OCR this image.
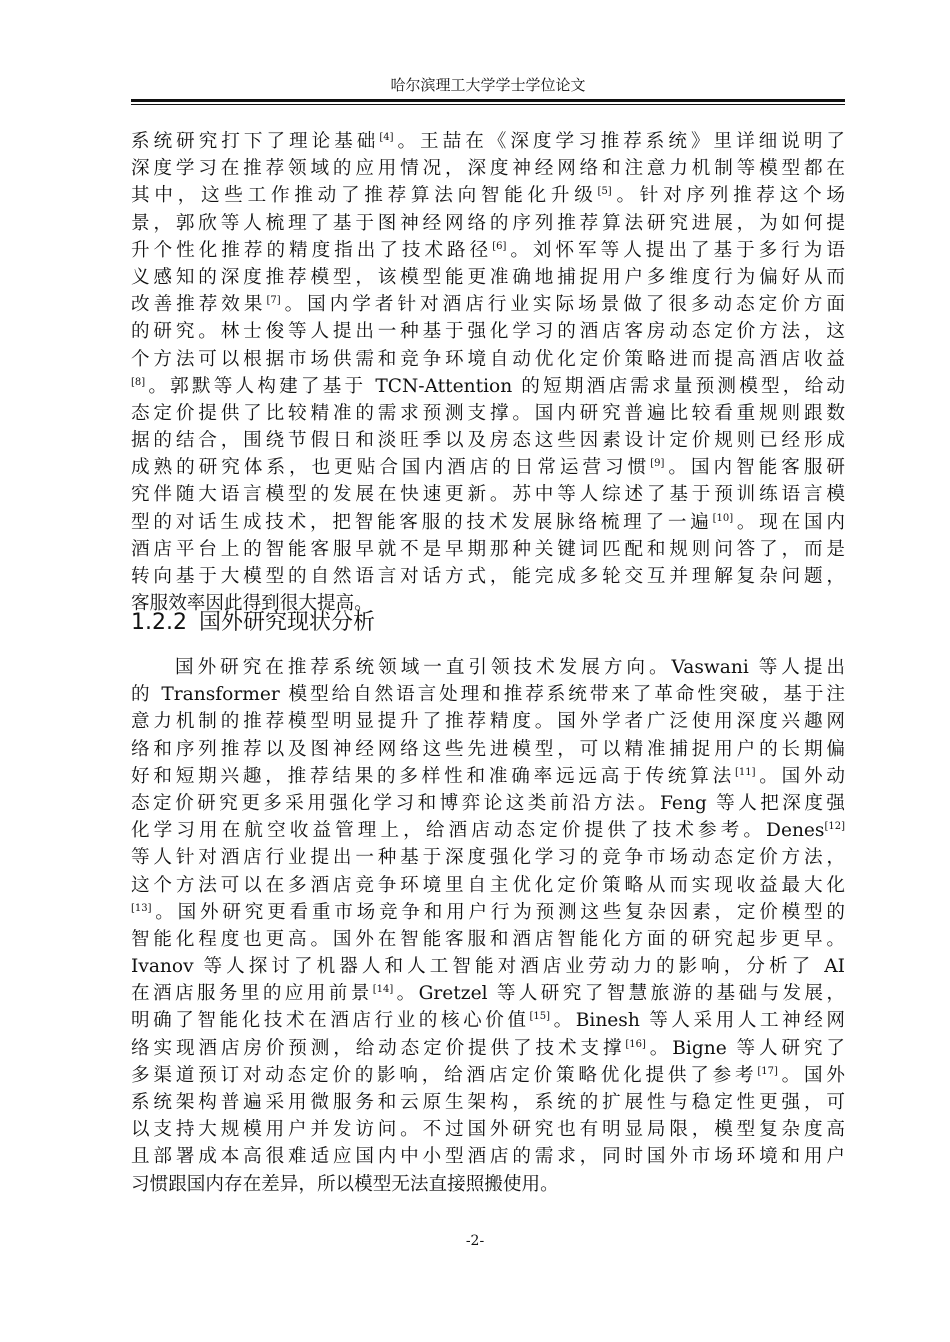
哈尔滨理工大学学士学位论文
系统研究打下了理论基础[4]。王喆在《深度学习推荐系统》里详细说明了
深度学习在推荐领域的应用情况，深度神经网络和注意力机制等模型都在
其中，这些工作推动了推荐算法向智能化升级[5]。针对序列推荐这个场
景，郭欣等人梳理了基于图神经网络的序列推荐算法研究进展，为如何提
升个性化推荐的精度指出了技术路径[6]。刘怀军等人提出了基于多行为语
义感知的深度推荐模型，该模型能更准确地捕捉用户多维度行为偏好从而
改善推荐效果[7]。国内学者针对酒店行业实际场景做了很多动态定价方面
的研究。林士俊等人提出一种基于强化学习的酒店客房动态定价方法，这
个方法可以根据市场供需和竞争环境自动优化定价策略进而提高酒店收益
[8]。郭默等人构建了基于 TCN-Attention 的短期酒店需求量预测模型，给动
态定价提供了比较精准的需求预测支撑。国内研究普遍比较看重规则跟数
据的结合，围绕节假日和淡旺季以及房态这些因素设计定价规则已经形成
成熟的研究体系，也更贴合国内酒店的日常运营习惯[9]。国内智能客服研
究伴随大语言模型的发展在快速更新。苏中等人综述了基于预训练语言模
型的对话生成技术，把智能客服的技术发展脉络梳理了一遍[10]。现在国内
酒店平台上的智能客服早就不是早期那种关键词匹配和规则问答了，而是
转向基于大模型的自然语言对话方式，能完成多轮交互并理解复杂问题，
客服效率因此得到很大提高。
1.2.2 国外研究现状分析
国外研究在推荐系统领域一直引领技术发展方向。Vaswani 等人提出
的 Transformer 模型给自然语言处理和推荐系统带来了革命性突破，基于注
意力机制的推荐模型明显提升了推荐精度。国外学者广泛使用深度兴趣网
络和序列推荐以及图神经网络这些先进模型，可以精准捕捉用户的长期偏
好和短期兴趣，推荐结果的多样性和准确率远远高于传统算法[11]。国外动
态定价研究更多采用强化学习和博弈论这类前沿方法。Feng 等人把深度强
化学习用在航空收益管理上，给酒店动态定价提供了技术参考。Denes[12]
等人针对酒店行业提出一种基于深度强化学习的竞争市场动态定价方法，
这个方法可以在多酒店竞争环境里自主优化定价策略从而实现收益最大化
[13]。国外研究更看重市场竞争和用户行为预测这些复杂因素，定价模型的
智能化程度也更高。国外在智能客服和酒店智能化方面的研究起步更早。
Ivanov 等人探讨了机器人和人工智能对酒店业劳动力的影响，分析了 AI
在酒店服务里的应用前景[14]。Gretzel 等人研究了智慧旅游的基础与发展，
明确了智能化技术在酒店行业的核心价值[15]。Binesh 等人采用人工神经网
络实现酒店房价预测，给动态定价提供了技术支撑[16]。Bigne 等人研究了
多渠道预订对动态定价的影响，给酒店定价策略优化提供了参考[17]。国外
系统架构普遍采用微服务和云原生架构，系统的扩展性与稳定性更强，可
以支持大规模用户并发访问。不过国外研究也有明显局限，模型复杂度高
且部署成本高很难适应国内中小型酒店的需求，同时国外市场环境和用户
习惯跟国内存在差异，所以模型无法直接照搬使用。
-2-
